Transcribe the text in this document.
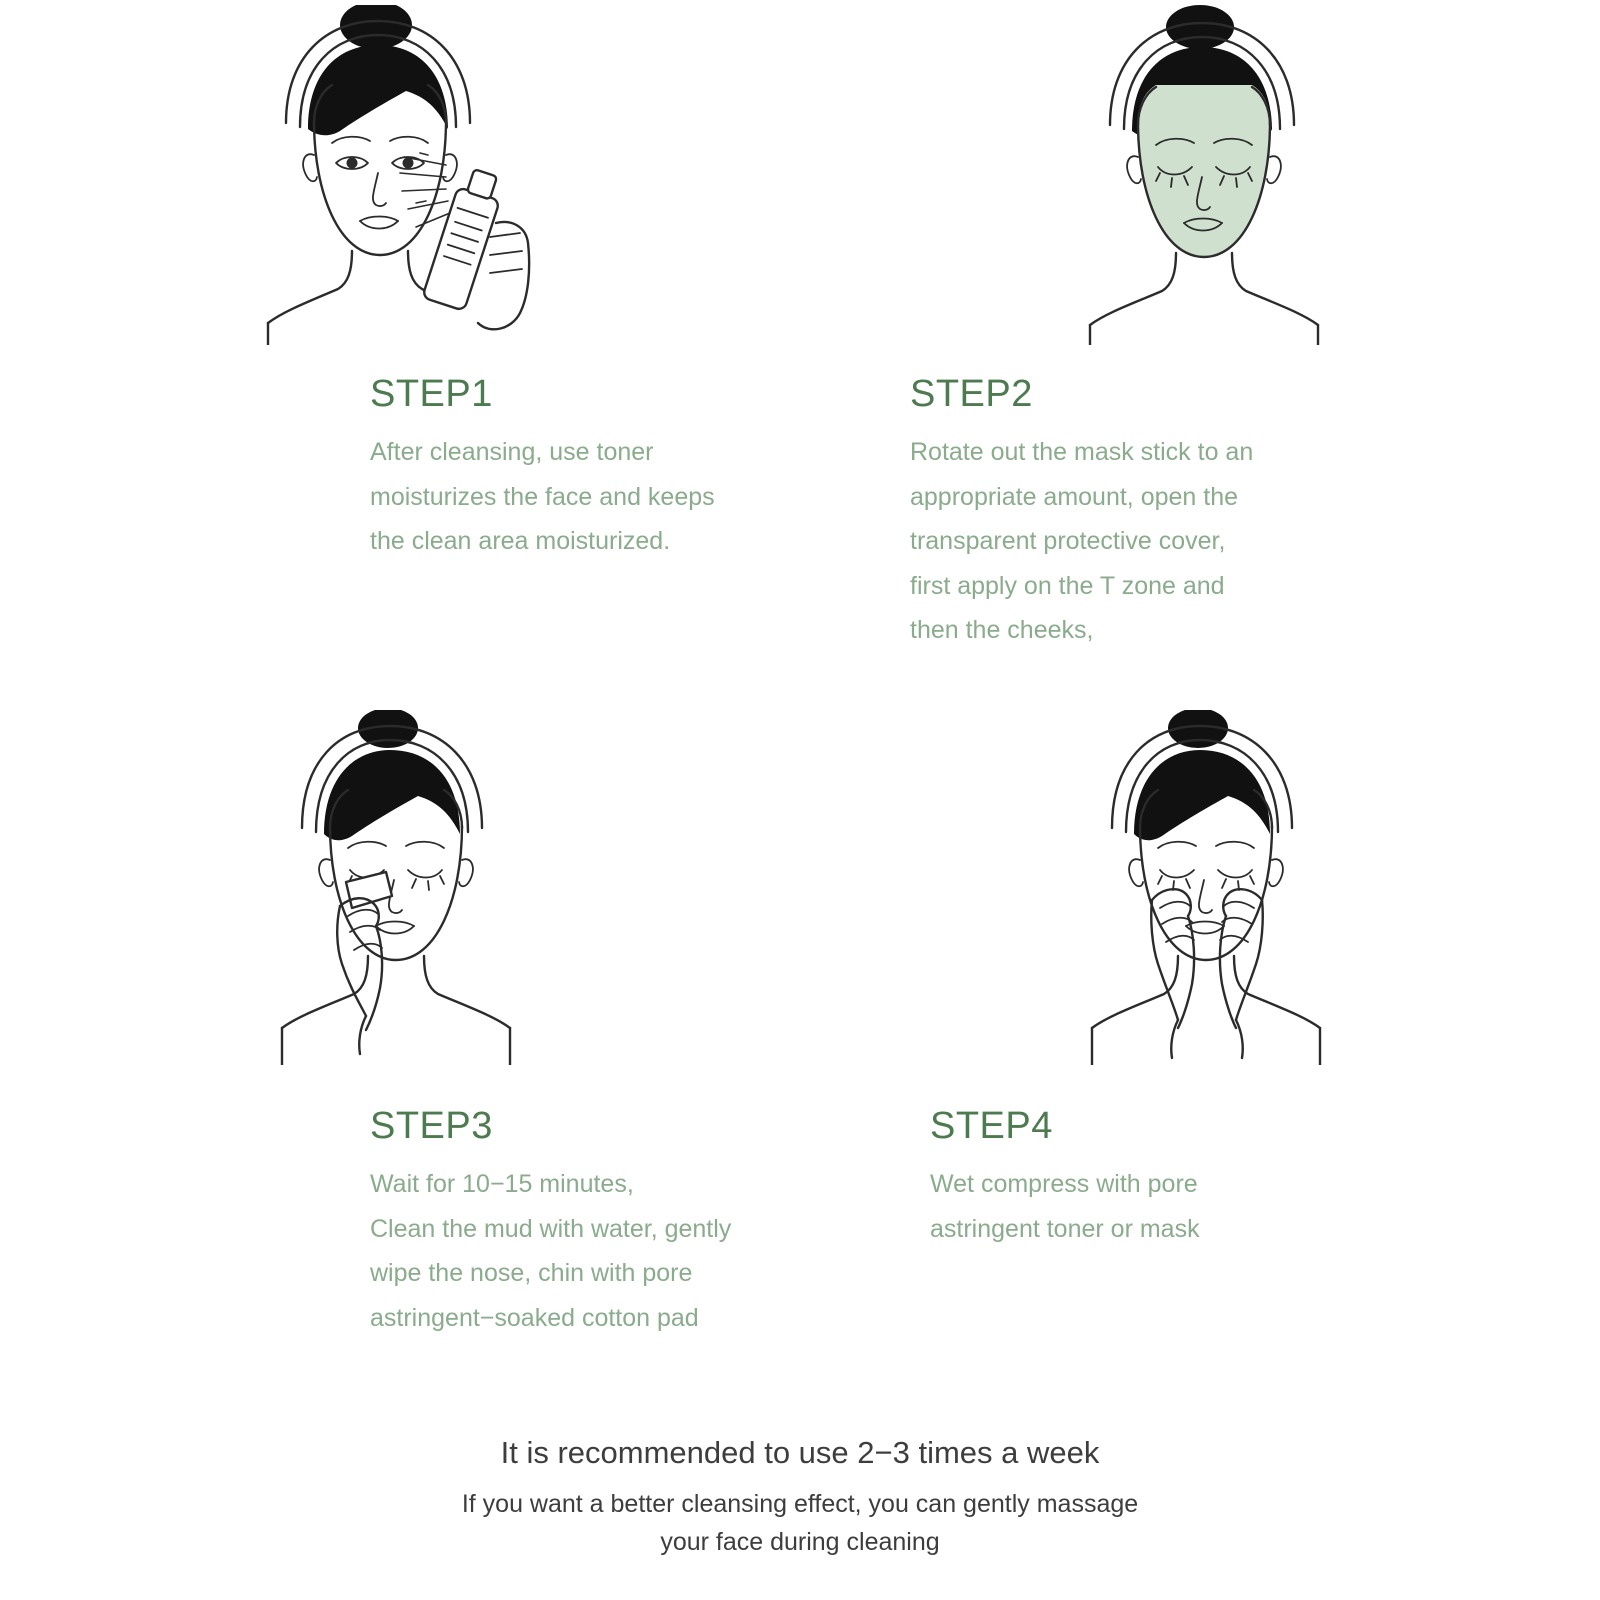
STEP1
After cleansing, use toner
moisturizes the face and keeps
the clean area moisturized.
STEP2
Rotate out the mask stick to an
appropriate amount, open the
transparent protective cover,
first apply on the T zone and
then the cheeks,
STEP3
Wait for 10−15 minutes,
Clean the mud with water, gently
wipe the nose, chin with pore
astringent−soaked cotton pad
STEP4
Wet compress with pore
astringent toner or mask
It is recommended to use 2−3 times a week
If you want a better cleansing effect, you can gently massage
your face during cleaning
